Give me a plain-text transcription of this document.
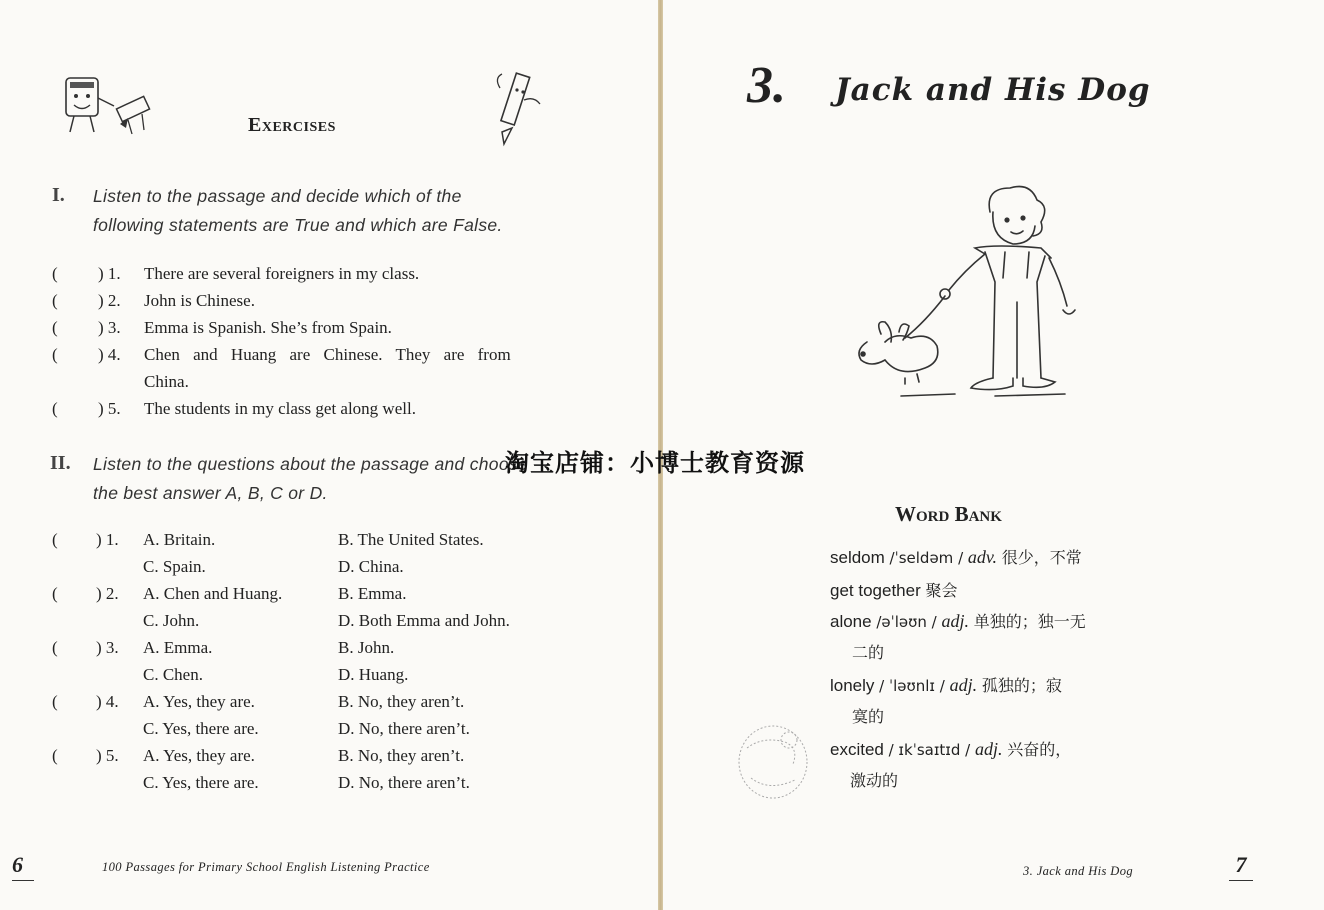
Exercises
I. Listen to the passage and decide which of the
following statements are True and which are False.
( ) 1. There are several foreigners in my class.

( ) 2. John is Chinese.

( ) 3. Emma is Spanish. She’s from Spain.

( ) 4. Chen and Huang are Chinese. They are from

China.

( ) 5. The students in my class get along well.

II. Listen to the questions about the passage and choose
the best answer A, B, C or D.
( ) 1. A. Britain.	B. The United States.

C. Spain.	D. China.

( ) 2. A. Chen and Huang.	B. Emma.

C. John.	D. Both Emma and John.

( ) 3. A. Emma.	B. John.

C. Chen.	D. Huang.

( ) 4. A. Yes, they are.	B. No, they aren’t.

C. Yes, there are.	D. No, there aren’t.

( ) 5. A. Yes, they are.	B. No, they aren’t.

C. Yes, there are.	D. No, there aren’t.

6	100 Passages for Primary School English Listening Practice
3. Jack and His Dog
Word Bank
seldom /ˈseldəm / adv. 很少，不常
get together 聚会
alone /əˈləʊn / adj. 单独的；独一无
二的
lonely / ˈləʊnlɪ / adj. 孤独的；寂
寞的
excited / ɪkˈsaɪtɪd / adj. 兴奋的，
激动的
3. Jack and His Dog	7
淘宝店铺：小博士教育资源
